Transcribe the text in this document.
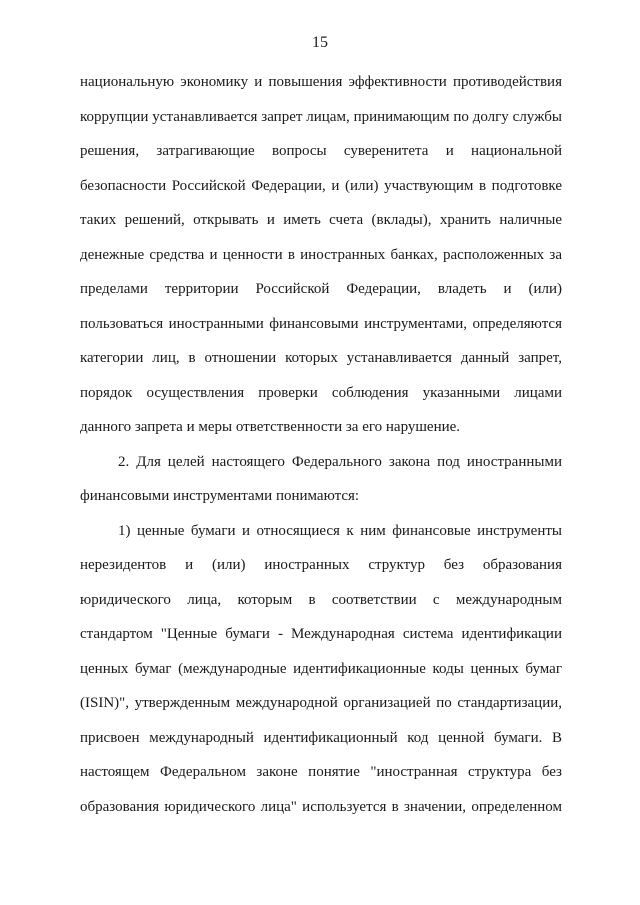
15
национальную экономику и повышения эффективности противодействия
коррупции устанавливается запрет лицам, принимающим по долгу службы
решения, затрагивающие вопросы суверенитета и национальной
безопасности Российской Федерации, и (или) участвующим в подготовке
таких решений, открывать и иметь счета (вклады), хранить наличные
денежные средства и ценности в иностранных банках, расположенных за
пределами территории Российской Федерации, владеть и (или)
пользоваться иностранными финансовыми инструментами, определяются
категории лиц, в отношении которых устанавливается данный запрет,
порядок осуществления проверки соблюдения указанными лицами
данного запрета и меры ответственности за его нарушение.
2. Для целей настоящего Федерального закона под иностранными
финансовыми инструментами понимаются:
1) ценные бумаги и относящиеся к ним финансовые инструменты
нерезидентов и (или) иностранных структур без образования
юридического лица, которым в соответствии с международным
стандартом "Ценные бумаги - Международная система идентификации
ценных бумаг (международные идентификационные коды ценных бумаг
(ISIN)", утвержденным международной организацией по стандартизации,
присвоен международный идентификационный код ценной бумаги. В
настоящем Федеральном законе понятие "иностранная структура без
образования юридического лица" используется в значении, определенном
